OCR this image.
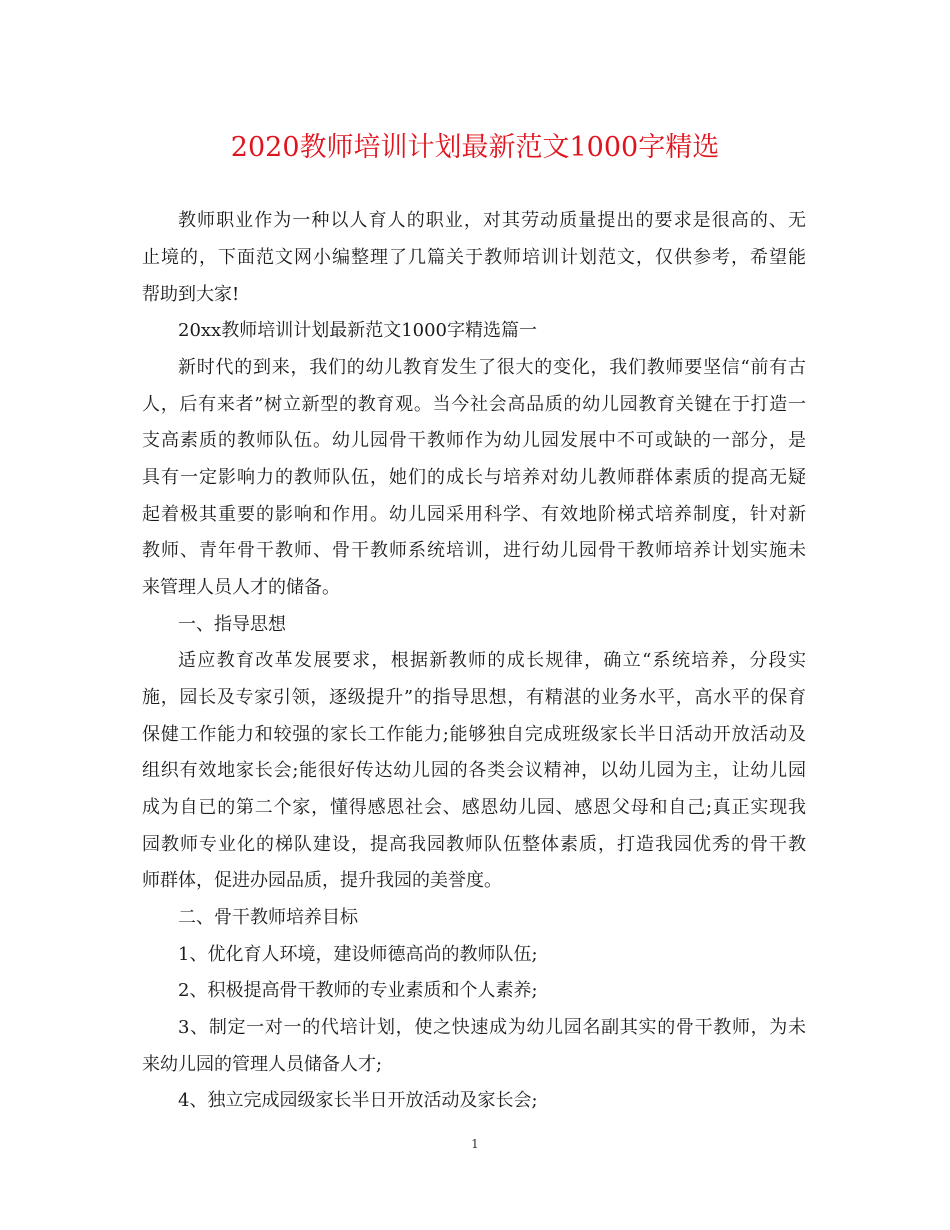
2020教师培训计划最新范文1000字精选

教师职业作为一种以人育人的职业，对其劳动质量提出的要求是很高的、无

止境的，下面范文网小编整理了几篇关于教师培训计划范文，仅供参考，希望能

帮助到大家!

20xx教师培训计划最新范文1000字精选篇一

新时代的到来，我们的幼儿教育发生了很大的变化，我们教师要坚信“前有古

人，后有来者”树立新型的教育观。当今社会高品质的幼儿园教育关键在于打造一

支高素质的教师队伍。幼儿园骨干教师作为幼儿园发展中不可或缺的一部分，是

具有一定影响力的教师队伍，她们的成长与培养对幼儿教师群体素质的提高无疑

起着极其重要的影响和作用。幼儿园采用科学、有效地阶梯式培养制度，针对新

教师、青年骨干教师、骨干教师系统培训，进行幼儿园骨干教师培养计划实施未

来管理人员人才的储备。

一、指导思想

适应教育改革发展要求，根据新教师的成长规律，确立“系统培养，分段实

施，园长及专家引领，逐级提升”的指导思想，有精湛的业务水平，高水平的保育

保健工作能力和较强的家长工作能力;能够独自完成班级家长半日活动开放活动及

组织有效地家长会;能很好传达幼儿园的各类会议精神，以幼儿园为主，让幼儿园

成为自已的第二个家，懂得感恩社会、感恩幼儿园、感恩父母和自己;真正实现我

园教师专业化的梯队建设，提高我园教师队伍整体素质，打造我园优秀的骨干教

师群体，促进办园品质，提升我园的美誉度。

二、骨干教师培养目标

1、优化育人环境，建设师德高尚的教师队伍;

2、积极提高骨干教师的专业素质和个人素养;

3、制定一对一的代培计划，使之快速成为幼儿园名副其实的骨干教师，为未

来幼儿园的管理人员储备人才;

4、独立完成园级家长半日开放活动及家长会;

1
